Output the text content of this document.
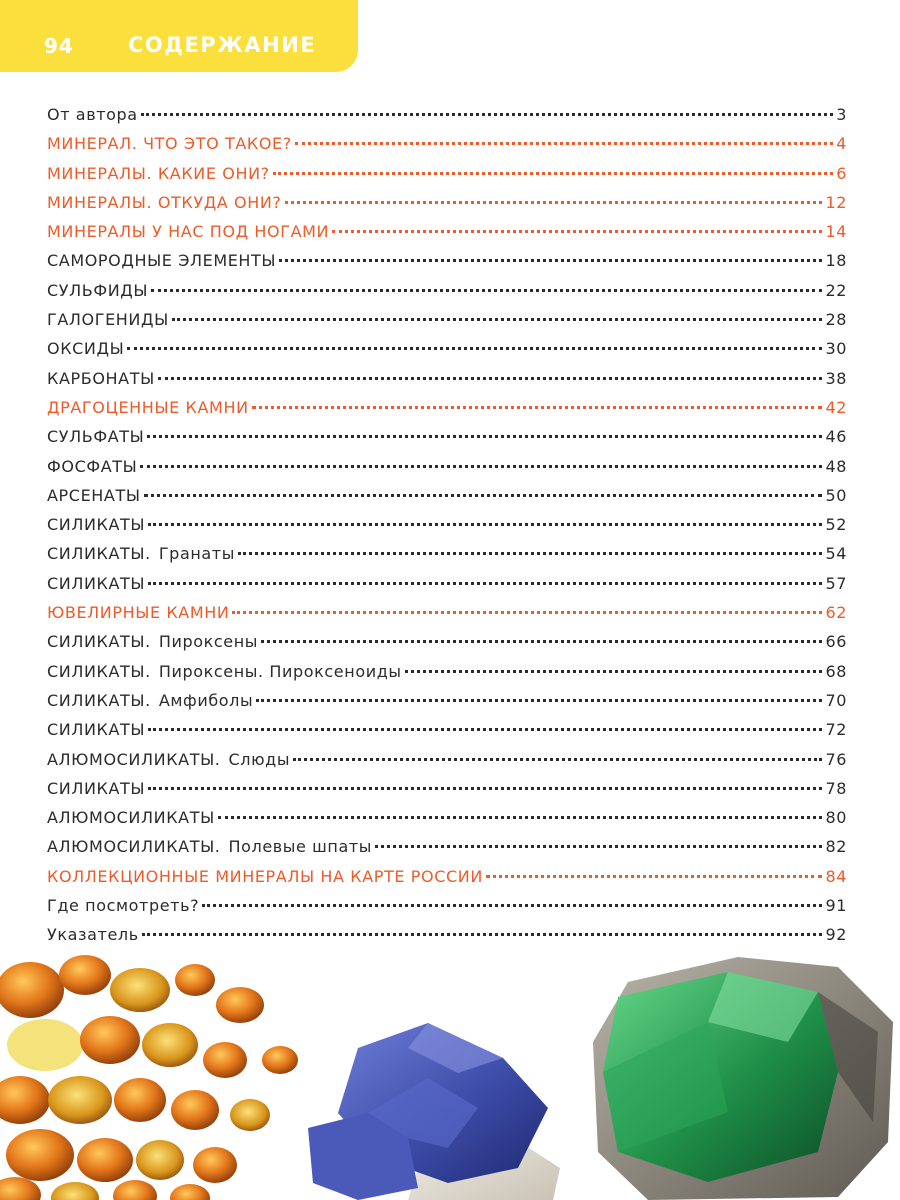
94	СОДЕРЖАНИЕ
От автора	3
МИНЕРАЛ. ЧТО ЭТО ТАКОЕ?	4
МИНЕРАЛЫ. КАКИЕ ОНИ?	6
МИНЕРАЛЫ. ОТКУДА ОНИ?	12
МИНЕРАЛЫ У НАС ПОД НОГАМИ	14
САМОРОДНЫЕ ЭЛЕМЕНТЫ	18
СУЛЬФИДЫ	22
ГАЛОГЕНИДЫ	28
ОКСИДЫ	30
КАРБОНАТЫ	38
ДРАГОЦЕННЫЕ КАМНИ	42
СУЛЬФАТЫ	46
ФОСФАТЫ	48
АРСЕНАТЫ	50
СИЛИКАТЫ	52
СИЛИКАТЫ. Гранаты	54
СИЛИКАТЫ	57
ЮВЕЛИРНЫЕ КАМНИ	62
СИЛИКАТЫ. Пироксены	66
СИЛИКАТЫ. Пироксены. Пироксеноиды	68
СИЛИКАТЫ. Амфиболы	70
СИЛИКАТЫ	72
АЛЮМОСИЛИКАТЫ. Слюды	76
СИЛИКАТЫ	78
АЛЮМОСИЛИКАТЫ	80
АЛЮМОСИЛИКАТЫ. Полевые шпаты	82
КОЛЛЕКЦИОННЫЕ МИНЕРАЛЫ НА КАРТЕ РОССИИ	84
Где посмотреть?	91
Указатель	92
